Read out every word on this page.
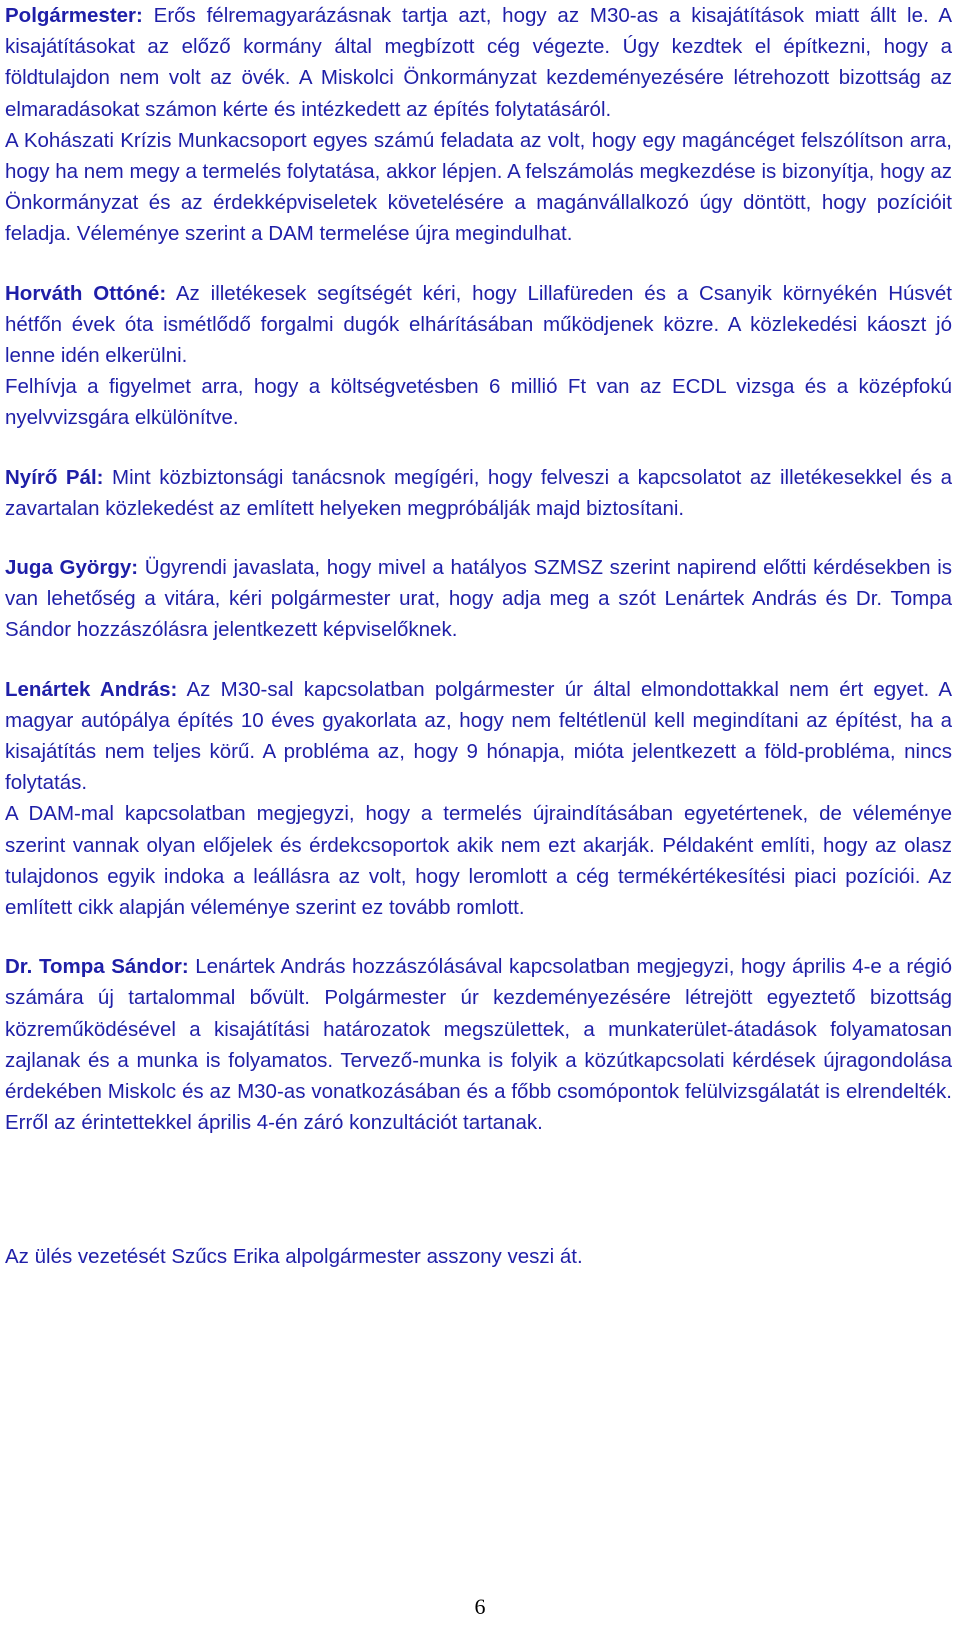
Polgármester: Erős félremagyarázásnak tartja azt, hogy az M30-as a kisajátítások miatt állt le. A kisajátításokat az előző kormány által megbízott cég végezte. Úgy kezdtek el építkezni, hogy a földtulajdon nem volt az övék. A Miskolci Önkormányzat kezdeményezésére létrehozott bizottság az elmaradásokat számon kérte és intézkedett az építés folytatásáról.

A Kohászati Krízis Munkacsoport egyes számú feladata az volt, hogy egy magáncéget felszólítson arra, hogy ha nem megy a termelés folytatása, akkor lépjen. A felszámolás megkezdése is bizonyítja, hogy az Önkormányzat és az érdekképviseletek követelésére a magánvállalkozó úgy döntött, hogy pozícióit feladja. Véleménye szerint a DAM termelése újra megindulhat.

Horváth Ottóné: Az illetékesek segítségét kéri, hogy Lillafüreden és a Csanyik környékén Húsvét hétfőn évek óta ismétlődő forgalmi dugók elhárításában működjenek közre. A közlekedési káoszt jó lenne idén elkerülni.

Felhívja a figyelmet arra, hogy a költségvetésben 6 millió Ft van az ECDL vizsga és a középfokú nyelvvizsgára elkülönítve.

Nyírő Pál: Mint közbiztonsági tanácsnok megígéri, hogy felveszi a kapcsolatot az illetékesekkel és a zavartalan közlekedést az említett helyeken megpróbálják majd biztosítani.

Juga György: Ügyrendi javaslata, hogy mivel a hatályos SZMSZ szerint napirend előtti kérdésekben is van lehetőség a vitára, kéri polgármester urat, hogy adja meg a szót Lenártek András és Dr. Tompa Sándor hozzászólásra jelentkezett képviselőknek.

Lenártek András: Az M30-sal kapcsolatban polgármester úr által elmondottakkal nem ért egyet. A magyar autópálya építés 10 éves gyakorlata az, hogy nem feltétlenül kell megindítani az építést, ha a kisajátítás nem teljes körű. A probléma az, hogy 9 hónapja, mióta jelentkezett a föld-probléma, nincs folytatás.

A DAM-mal kapcsolatban megjegyzi, hogy a termelés újraindításában egyetértenek, de véleménye szerint vannak olyan előjelek és érdekcsoportok akik nem ezt akarják. Példaként említi, hogy az olasz tulajdonos egyik indoka a leállásra az volt, hogy leromlott a cég termékértékesítési piaci pozíciói. Az említett cikk alapján véleménye szerint ez tovább romlott.

Dr. Tompa Sándor: Lenártek András hozzászólásával kapcsolatban megjegyzi, hogy április 4-e a régió számára új tartalommal bővült. Polgármester úr kezdeményezésére létrejött egyeztető bizottság közreműködésével a kisajátítási határozatok megszülettek, a munkaterület-átadások folyamatosan zajlanak és a munka is folyamatos. Tervező-munka is folyik a közútkapcsolati kérdések újragondolása érdekében Miskolc és az M30-as vonatkozásában és a főbb csomópontok felülvizsgálatát is elrendelték. Erről az érintettekkel április 4-én záró konzultációt tartanak.

Az ülés vezetését Szűcs Erika alpolgármester asszony veszi át.

6
